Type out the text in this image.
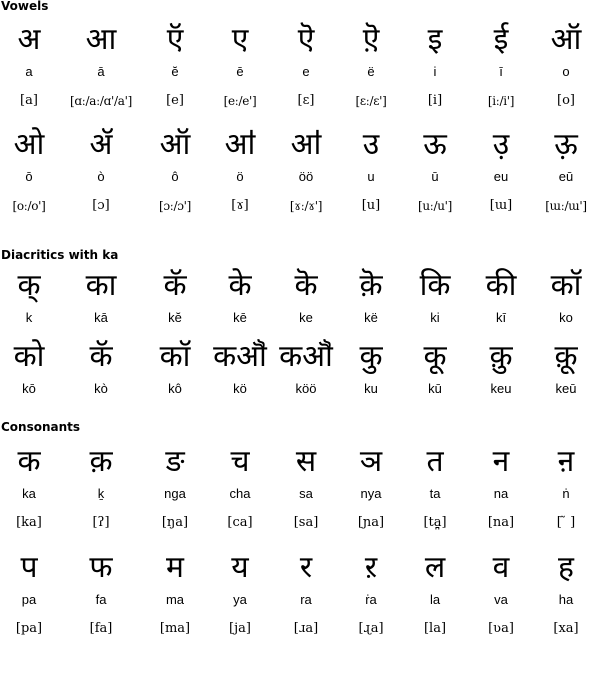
Vowels
अ
a
[a]
आ
ā
[ɑː/aː/ɑ'/a']
ऍ
ĕ
[e]
ए
ē
[eː/e']
ऎ
e
[ɛ]
ऎ़
ë
[ɛː/ɛ']
इ
i
[i]
ई
ī
[iː/i']
ऑ
o
[o]
ओ
ō
[oː/o']
ॲ
ò
[ɔ]
ऑ
ô
[ɔː/ɔ']
ॴ
ö
[ɤ]
ॴ
öö
[ɤː/ɤ']
उ
u
[u]
ऊ
ū
[uː/u']
उ़
eu
[ɯ]
ऊ़
eū
[ɯː/ɯ']
Diacritics with ka
क्
k
का
kā
कॅ
kĕ
के
kē
कॆ
ke
कॆ़
kë
कि
ki
की
kī
कॉ
ko
को
kō
कॅ
kò
कॉ
kô
कॵ
kö
कॵ
köö
कु
ku
कू
kū
कु़
keu
कू़
keū
Consonants
क
ka
[ka]
क़
ḵ
[ʔ]
ङ
nga
[ŋa]
च
cha
[ca]
स
sa
[sa]
ञ
nya
[ɲa]
त
ta
[ta̪]
न
na
[na]
ऩ
ṅ
[ ̃ ]
प
pa
[pa]
फ
fa
[fa]
म
ma
[ma]
य
ya
[ja]
र
ra
[ɹa]
ऱ
ṙa
[ɻa]
ल
la
[la]
व
va
[ʋa]
ह
ha
[xa]
